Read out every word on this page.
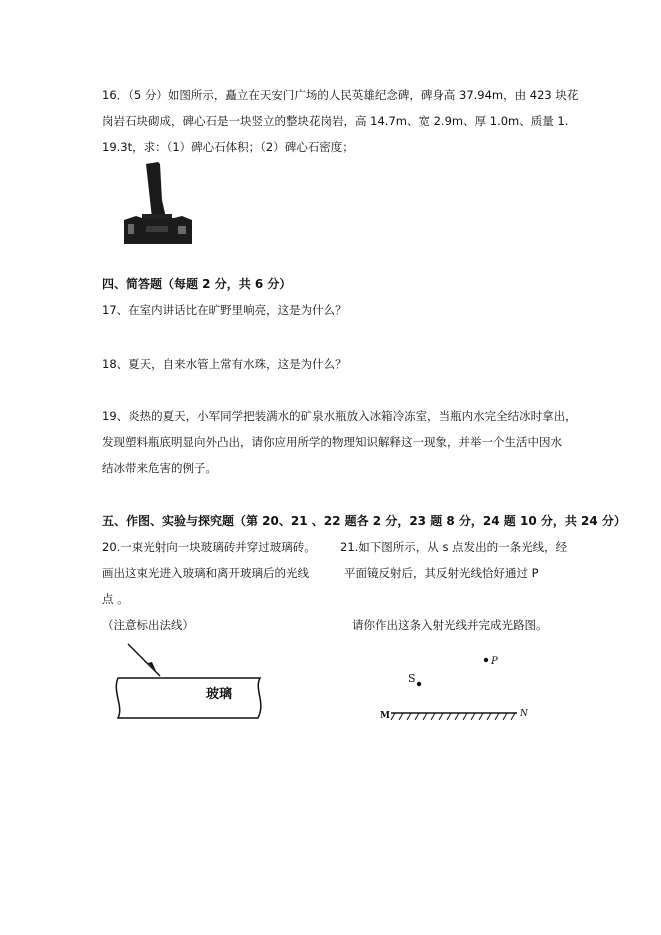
16．（5 分）如图所示，矗立在天安门广场的人民英雄纪念碑，碑身高 37.94m，由 423 块花
岗岩石块砌成，碑心石是一块竖立的整块花岗岩，高 14.7m、宽 2.9m、厚 1.0m、质量 1.
19.3t，求：（1）碑心石体积；（2）碑心石密度；
四、简答题（每题 2 分，共 6 分）
17、在室内讲话比在旷野里响亮，这是为什么？
18、夏天，自来水管上常有水珠，这是为什么？
19、炎热的夏天，小军同学把装满水的矿泉水瓶放入冰箱冷冻室，当瓶内水完全结冰时拿出，
发现塑料瓶底明显向外凸出，请你应用所学的物理知识解释这一现象，并举一个生活中因水
结冰带来危害的例子。
五、作图、实验与探究题（第 20、21 、22 题各 2 分，23 题 8 分，24 题 10 分，共 24 分）
20.一束光射向一块玻璃砖并穿过玻璃砖。
画出这束光进入玻璃和离开玻璃后的光线
点 。
（注意标出法线）
21.如下图所示，从 s 点发出的一条光线，经
平面镜反射后，其反射光线恰好通过 P
请你作出这条入射光线并完成光路图。
玻璃
P
S
M	N
